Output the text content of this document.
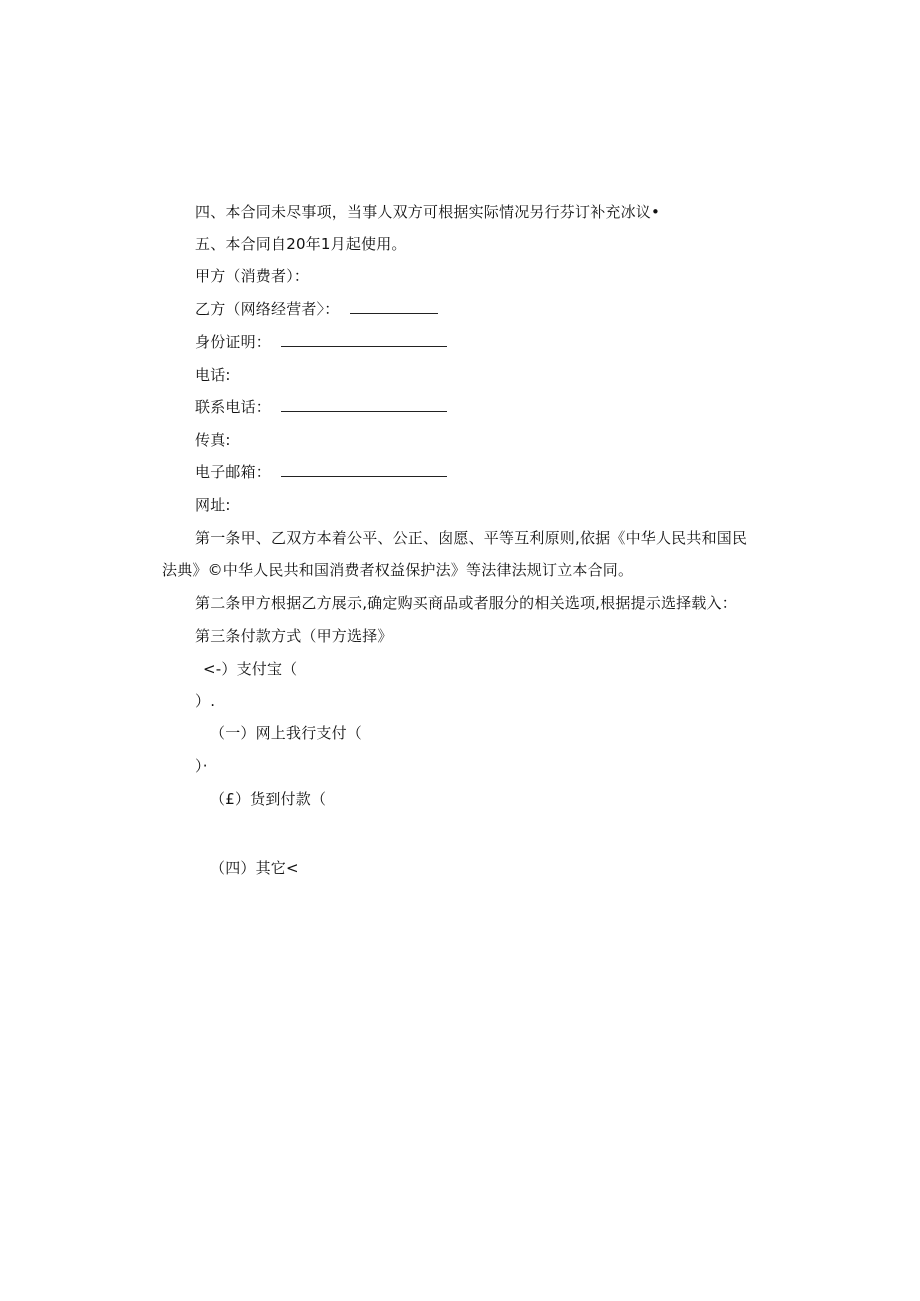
四、本合同未尽事项，当事人双方可根据实际情况另行芬订补充冰议•
五、本合同自20年1月起使用。
甲方（消费者）：
乙方（网络经营者〉：
身份证明：
电话:
联系电话：
传真:
电子邮箱：
网址:
第一条甲、乙双方本着公平、公正、囱愿、平等互利原则,依据《中华人民共和国民
法典》©中华人民共和国消费者权益保护法》等法律法规订立本合同。
第二条甲方根据乙方展示,确定购买商品或者服分的相关选项,根据提示选择载入：
第三条付款方式（甲方选择》
<-）支付宝（
）.
（一）网上我行支付（
）·
（£）货到付款（
（四）其它<
